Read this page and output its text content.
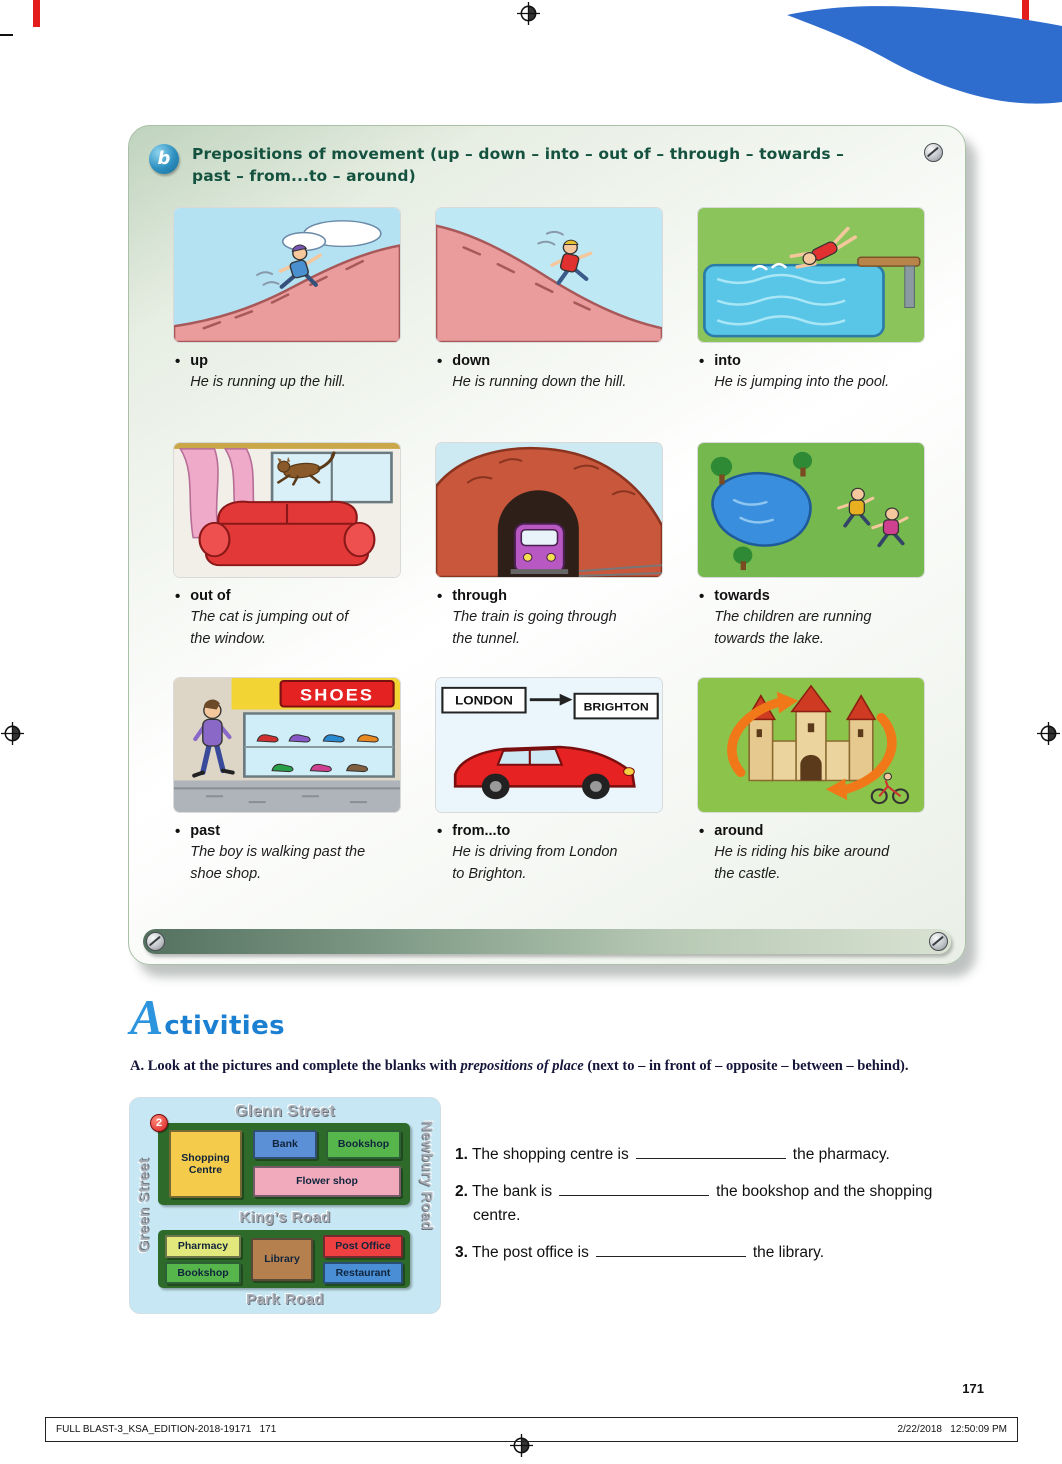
b	Prepositions of movement (up – down – into – out of – through – towards – past – from...to – around)
• up
He is running up the hill.
• down
He is running down the hill.
• into
He is jumping into the pool.
• out of
The cat is jumping out of the window.
• through
The train is going through the tunnel.
• towards
The children are running towards the lake.
SHOES
• past
The boy is walking past the shoe shop.
LONDON	BRIGHTON
• from...to
He is driving from London to Brighton.
• around
He is riding his bike around the castle.
A ctivities

A. Look at the pictures and complete the blanks with prepositions of place (next to – in front of – opposite – between – behind).

Glenn Street
Green Street	Newbury Road
King’s Road
Park Road
2
Shopping Centre
Bank	Bookshop
Flower shop
Pharmacy
Bookshop
Library
Post Office
Restaurant

1. The shopping centre is	the pharmacy.

2. The bank is	the bookshop and the shopping centre.

3. The post office is	the library.

171
FULL BLAST-3_KSA_EDITION-2018-19171   171	2/22/2018   12:50:09 PM
